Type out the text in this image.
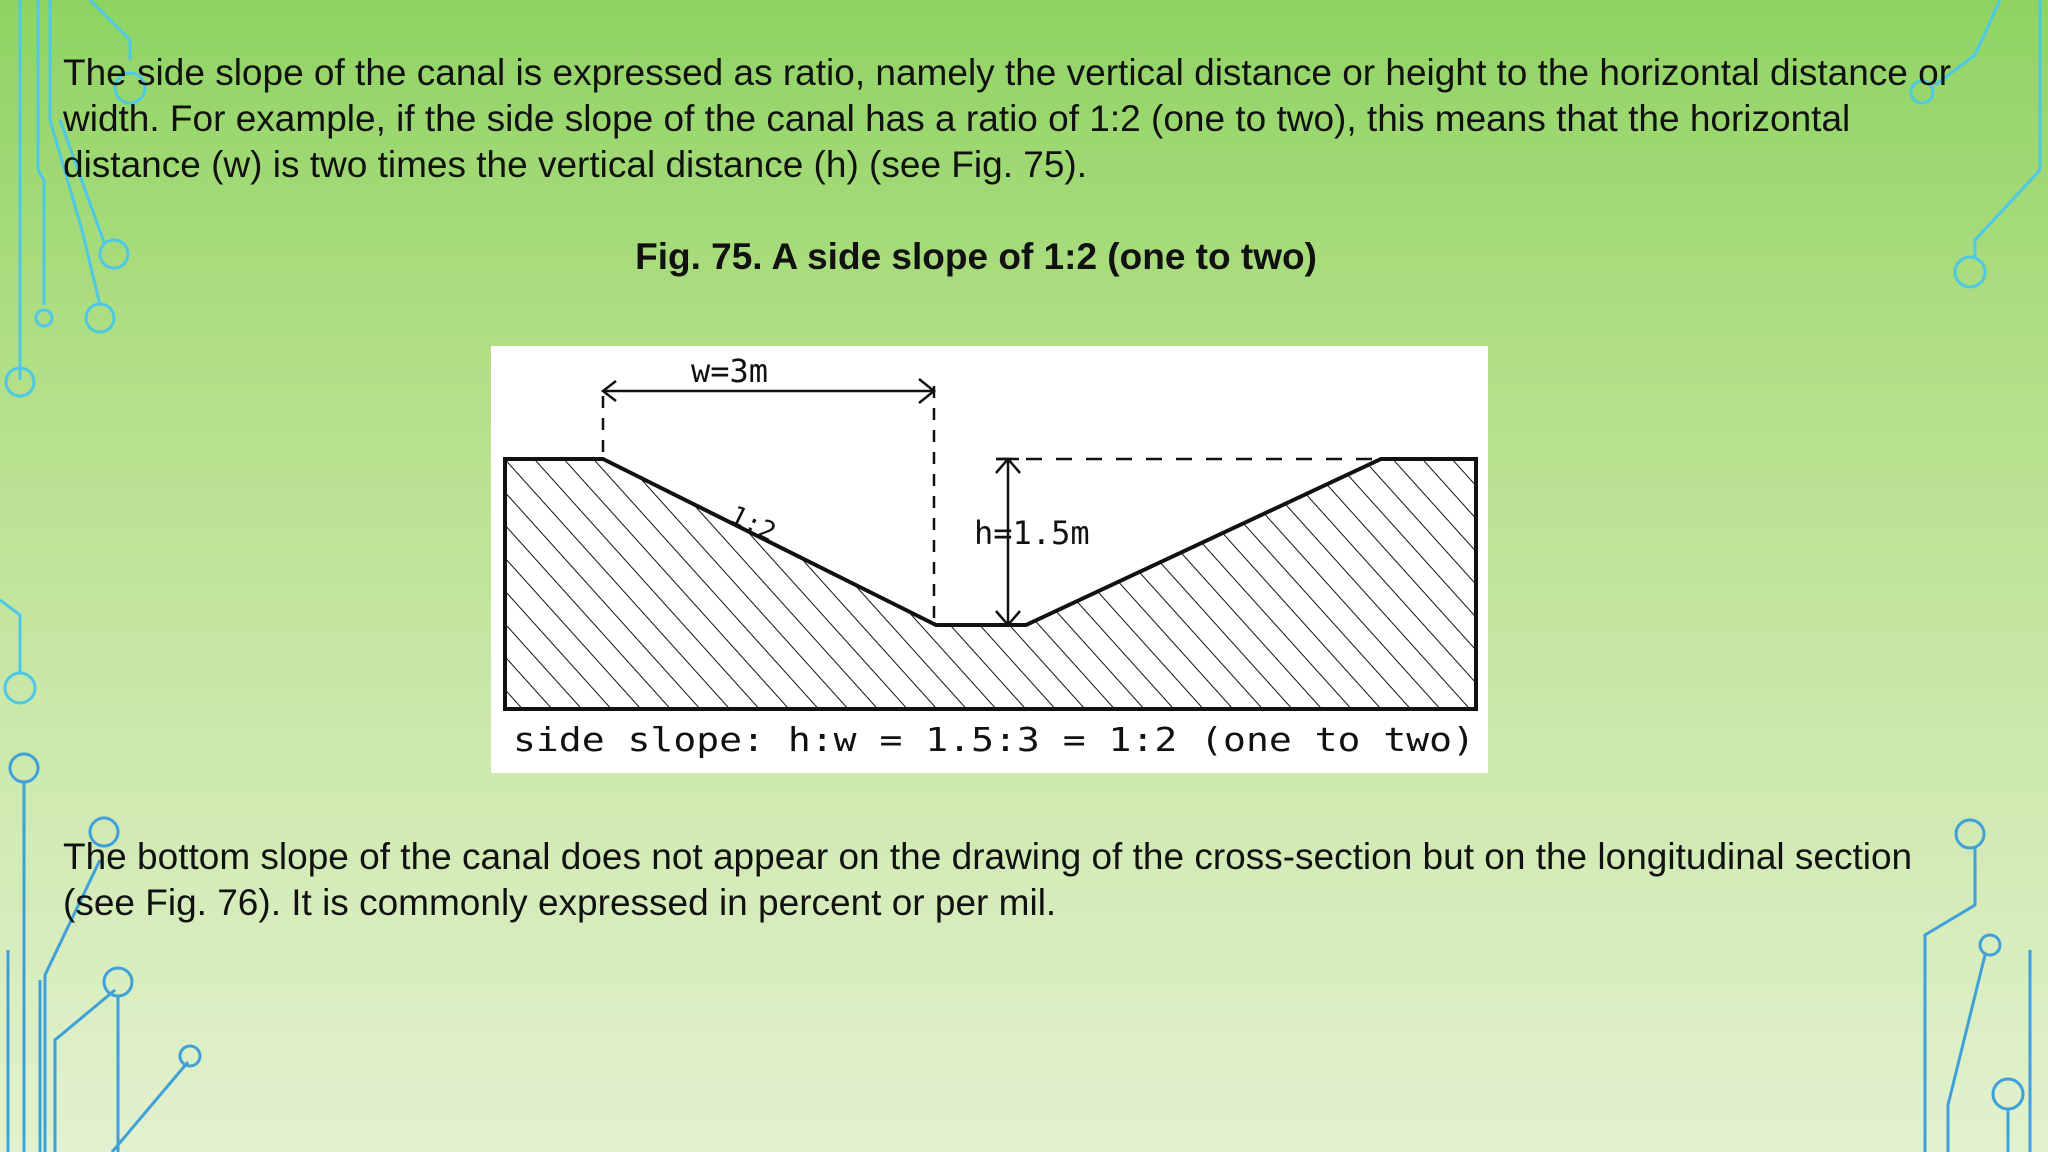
The side slope of the canal is expressed as ratio, namely the vertical distance or height to the horizontal distance or width. For example, if the side slope of the canal has a ratio of 1:2 (one to two), this means that the horizontal distance (w) is two times the vertical distance (h) (see Fig. 75).

Fig. 75. A side slope of 1:2 (one to two)
w=3m
1:2	h=1.5m
side slope: h:w = 1.5:3 = 1:2 (one to two)

The bottom slope of the canal does not appear on the drawing of the cross-section but on the longitudinal section (see Fig. 76). It is commonly expressed in percent or per mil.
